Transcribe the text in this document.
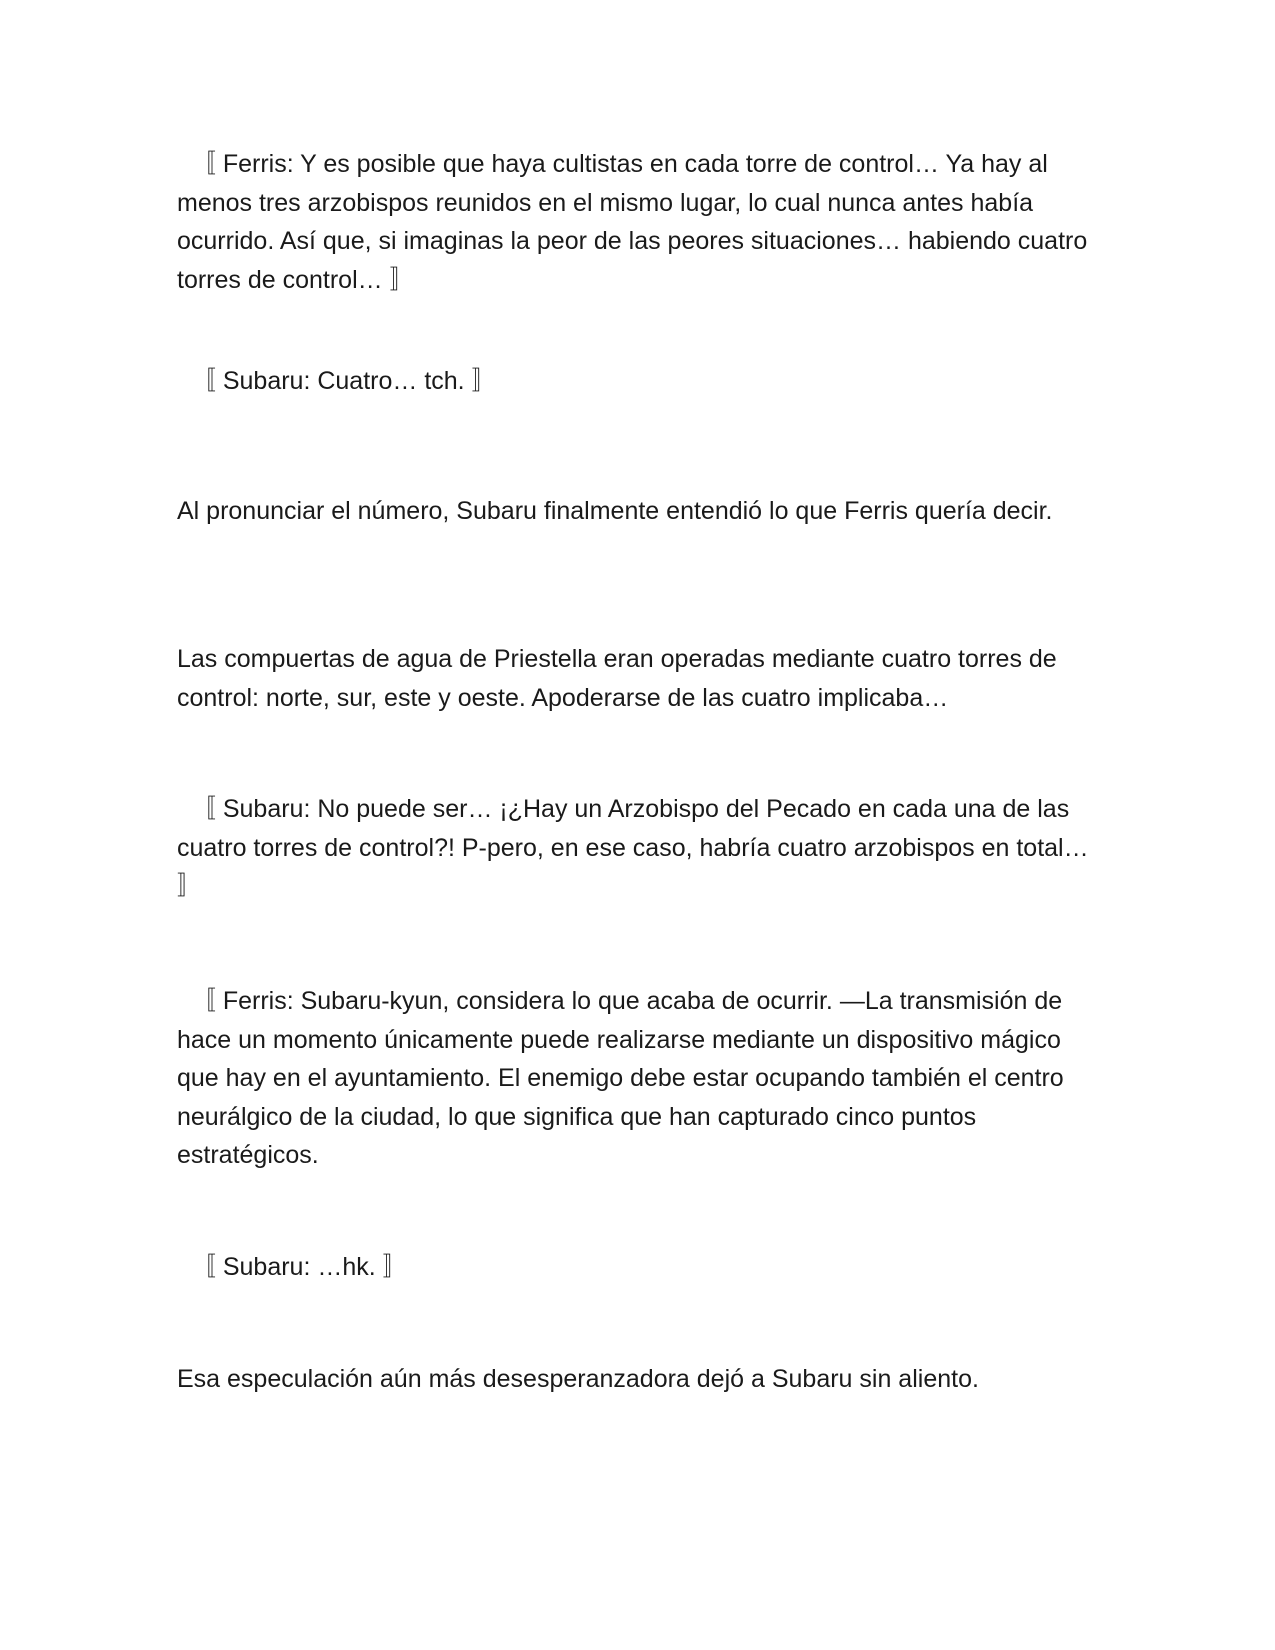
〚 Ferris: Y es posible que haya cultistas en cada torre de control… Ya hay al menos tres arzobispos reunidos en el mismo lugar, lo cual nunca antes había ocurrido. Así que, si imaginas la peor de las peores situaciones… habiendo cuatro torres de control… 〛

〚 Subaru: Cuatro… tch. 〛

Al pronunciar el número, Subaru finalmente entendió lo que Ferris quería decir.

Las compuertas de agua de Priestella eran operadas mediante cuatro torres de control: norte, sur, este y oeste. Apoderarse de las cuatro implicaba…

〚 Subaru: No puede ser… ¡¿Hay un Arzobispo del Pecado en cada una de las cuatro torres de control?! P-pero, en ese caso, habría cuatro arzobispos en total… 〛

〚 Ferris: Subaru-kyun, considera lo que acaba de ocurrir. —La transmisión de hace un momento únicamente puede realizarse mediante un dispositivo mágico que hay en el ayuntamiento. El enemigo debe estar ocupando también el centro neurálgico de la ciudad, lo que significa que han capturado cinco puntos estratégicos.

〚 Subaru: …hk. 〛

Esa especulación aún más desesperanzadora dejó a Subaru sin aliento.
